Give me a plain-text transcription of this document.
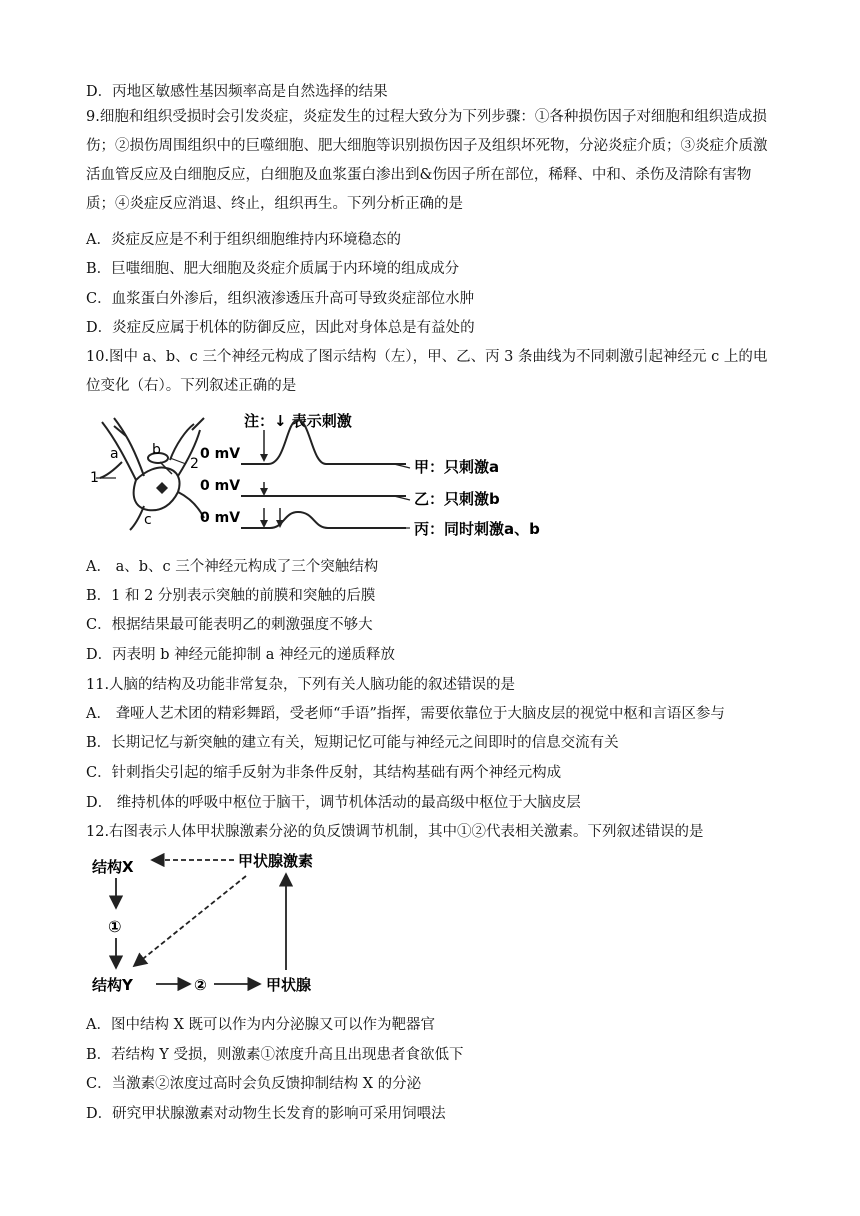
D．丙地区敏感性基因频率高是自然选择的结果
9.细胞和组织受损时会引发炎症，炎症发生的过程大致分为下列步骤：①各种损伤因子对细胞和组织造成损伤；②损伤周围组织中的巨噬细胞、肥大细胞等识别损伤因子及组织坏死物，分泌炎症介质；③炎症介质激活血管反应及白细胞反应，白细胞及血浆蛋白渗出到&伤因子所在部位，稀释、中和、杀伤及清除有害物质；④炎症反应消退、终止，组织再生。下列分析正确的是
A．炎症反应是不利于组织细胞维持内环境稳态的
B．巨嗤细胞、肥大细胞及炎症介质属于内环境的组成成分
C．血浆蛋白外渗后，组织液渗透压升高可导致炎症部位水肿
D．炎症反应属于机体的防御反应，因此对身体总是有益处的
10.图中 a、b、c 三个神经元构成了图示结构（左），甲、乙、丙 3 条曲线为不同刺激引起神经元 c 上的电
位变化（右）。下列叙述正确的是
a b
c
1
2
注：↓ 表示刺激
0 mV
0 mV
0 mV
甲：只刺激a
乙：只刺激b
丙：同时刺激a、b
A． a、b、c 三个神经元构成了三个突触结构
B．1 和 2 分别表示突触的前膜和突触的后膜
C．根据结果最可能表明乙的刺激强度不够大
D．丙表明 b 神经元能抑制 a 神经元的递质释放
11.人脑的结构及功能非常复杂，下列有关人脑功能的叙述错误的是
A． 聋哑人艺术团的精彩舞蹈，受老师“手语”指挥，需要依靠位于大脑皮层的视觉中枢和言语区参与
B．长期记忆与新突触的建立有关，短期记忆可能与神经元之间即时的信息交流有关
C．针刺指尖引起的缩手反射为非条件反射，其结构基础有两个神经元构成
D． 维持机体的呼吸中枢位于脑干，调节机体活动的最高级中枢位于大脑皮层
12.右图表示人体甲状腺激素分泌的负反馈调节机制，其中①②代表相关激素。下列叙述错误的是
结构X	甲状腺激素
结构Y	②	甲状腺
①
A．图中结构 X 既可以作为内分泌腺又可以作为靶器官
B．若结构 Y 受损，则激素①浓度升高且出现患者食欲低下
C．当激素②浓度过高时会负反馈抑制结构 X 的分泌
D．研究甲状腺激素对动物生长发育的影响可采用饲喂法
